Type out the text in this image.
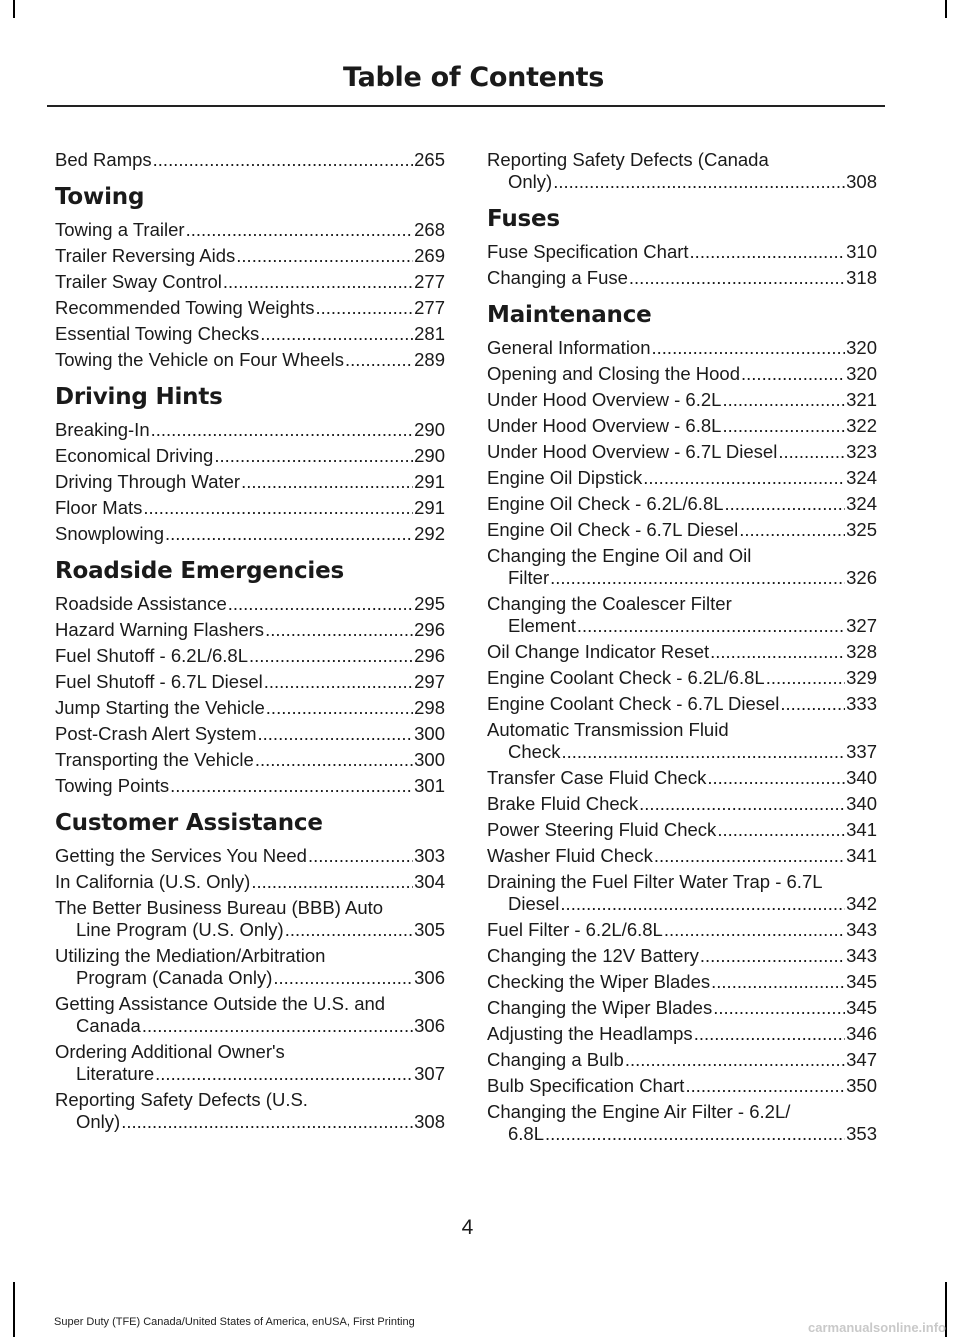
Table of Contents
Bed Ramps .....	265
Towing
Towing a Trailer .....	268
Trailer Reversing Aids .....	269
Trailer Sway Control .....	277
Recommended Towing Weights .....	277
Essential Towing Checks .....	281
Towing the Vehicle on Four Wheels .....	289
Driving Hints
Breaking-In .....	290
Economical Driving .....	290
Driving Through Water .....	291
Floor Mats .....	291
Snowplowing .....	292
Roadside Emergencies
Roadside Assistance .....	295
Hazard Warning Flashers .....	296
Fuel Shutoff - 6.2L/6.8L .....	296
Fuel Shutoff - 6.7L Diesel .....	297
Jump Starting the Vehicle .....	298
Post-Crash Alert System .....	300
Transporting the Vehicle .....	300
Towing Points .....	301
Customer Assistance
Getting the Services You Need .....	303
In California (U.S. Only) .....	304
The Better Business Bureau (BBB) Auto
Line Program (U.S. Only) .....	305
Utilizing the Mediation/Arbitration
Program (Canada Only) .....	306
Getting Assistance Outside the U.S. and
Canada .....	306
Ordering Additional Owner's
Literature .....	307
Reporting Safety Defects (U.S.
Only) .....	308
Reporting Safety Defects (Canada
Only) .....	308
Fuses
Fuse Specification Chart .....	310
Changing a Fuse .....	318
Maintenance
General Information .....	320
Opening and Closing the Hood .....	320
Under Hood Overview - 6.2L .....	321
Under Hood Overview - 6.8L .....	322
Under Hood Overview - 6.7L Diesel .....	323
Engine Oil Dipstick .....	324
Engine Oil Check - 6.2L/6.8L .....	324
Engine Oil Check - 6.7L Diesel .....	325
Changing the Engine Oil and Oil
Filter .....	326
Changing the Coalescer Filter
Element .....	327
Oil Change Indicator Reset .....	328
Engine Coolant Check - 6.2L/6.8L .....	329
Engine Coolant Check - 6.7L Diesel .....	333
Automatic Transmission Fluid
Check .....	337
Transfer Case Fluid Check .....	340
Brake Fluid Check .....	340
Power Steering Fluid Check .....	341
Washer Fluid Check .....	341
Draining the Fuel Filter Water Trap - 6.7L
Diesel .....	342
Fuel Filter - 6.2L/6.8L .....	343
Changing the 12V Battery .....	343
Checking the Wiper Blades .....	345
Changing the Wiper Blades .....	345
Adjusting the Headlamps .....	346
Changing a Bulb .....	347
Bulb Specification Chart .....	350
Changing the Engine Air Filter - 6.2L/
6.8L .....	353
4
Super Duty (TFE) Canada/United States of America, enUSA, First Printing	carmanualsonline.info
